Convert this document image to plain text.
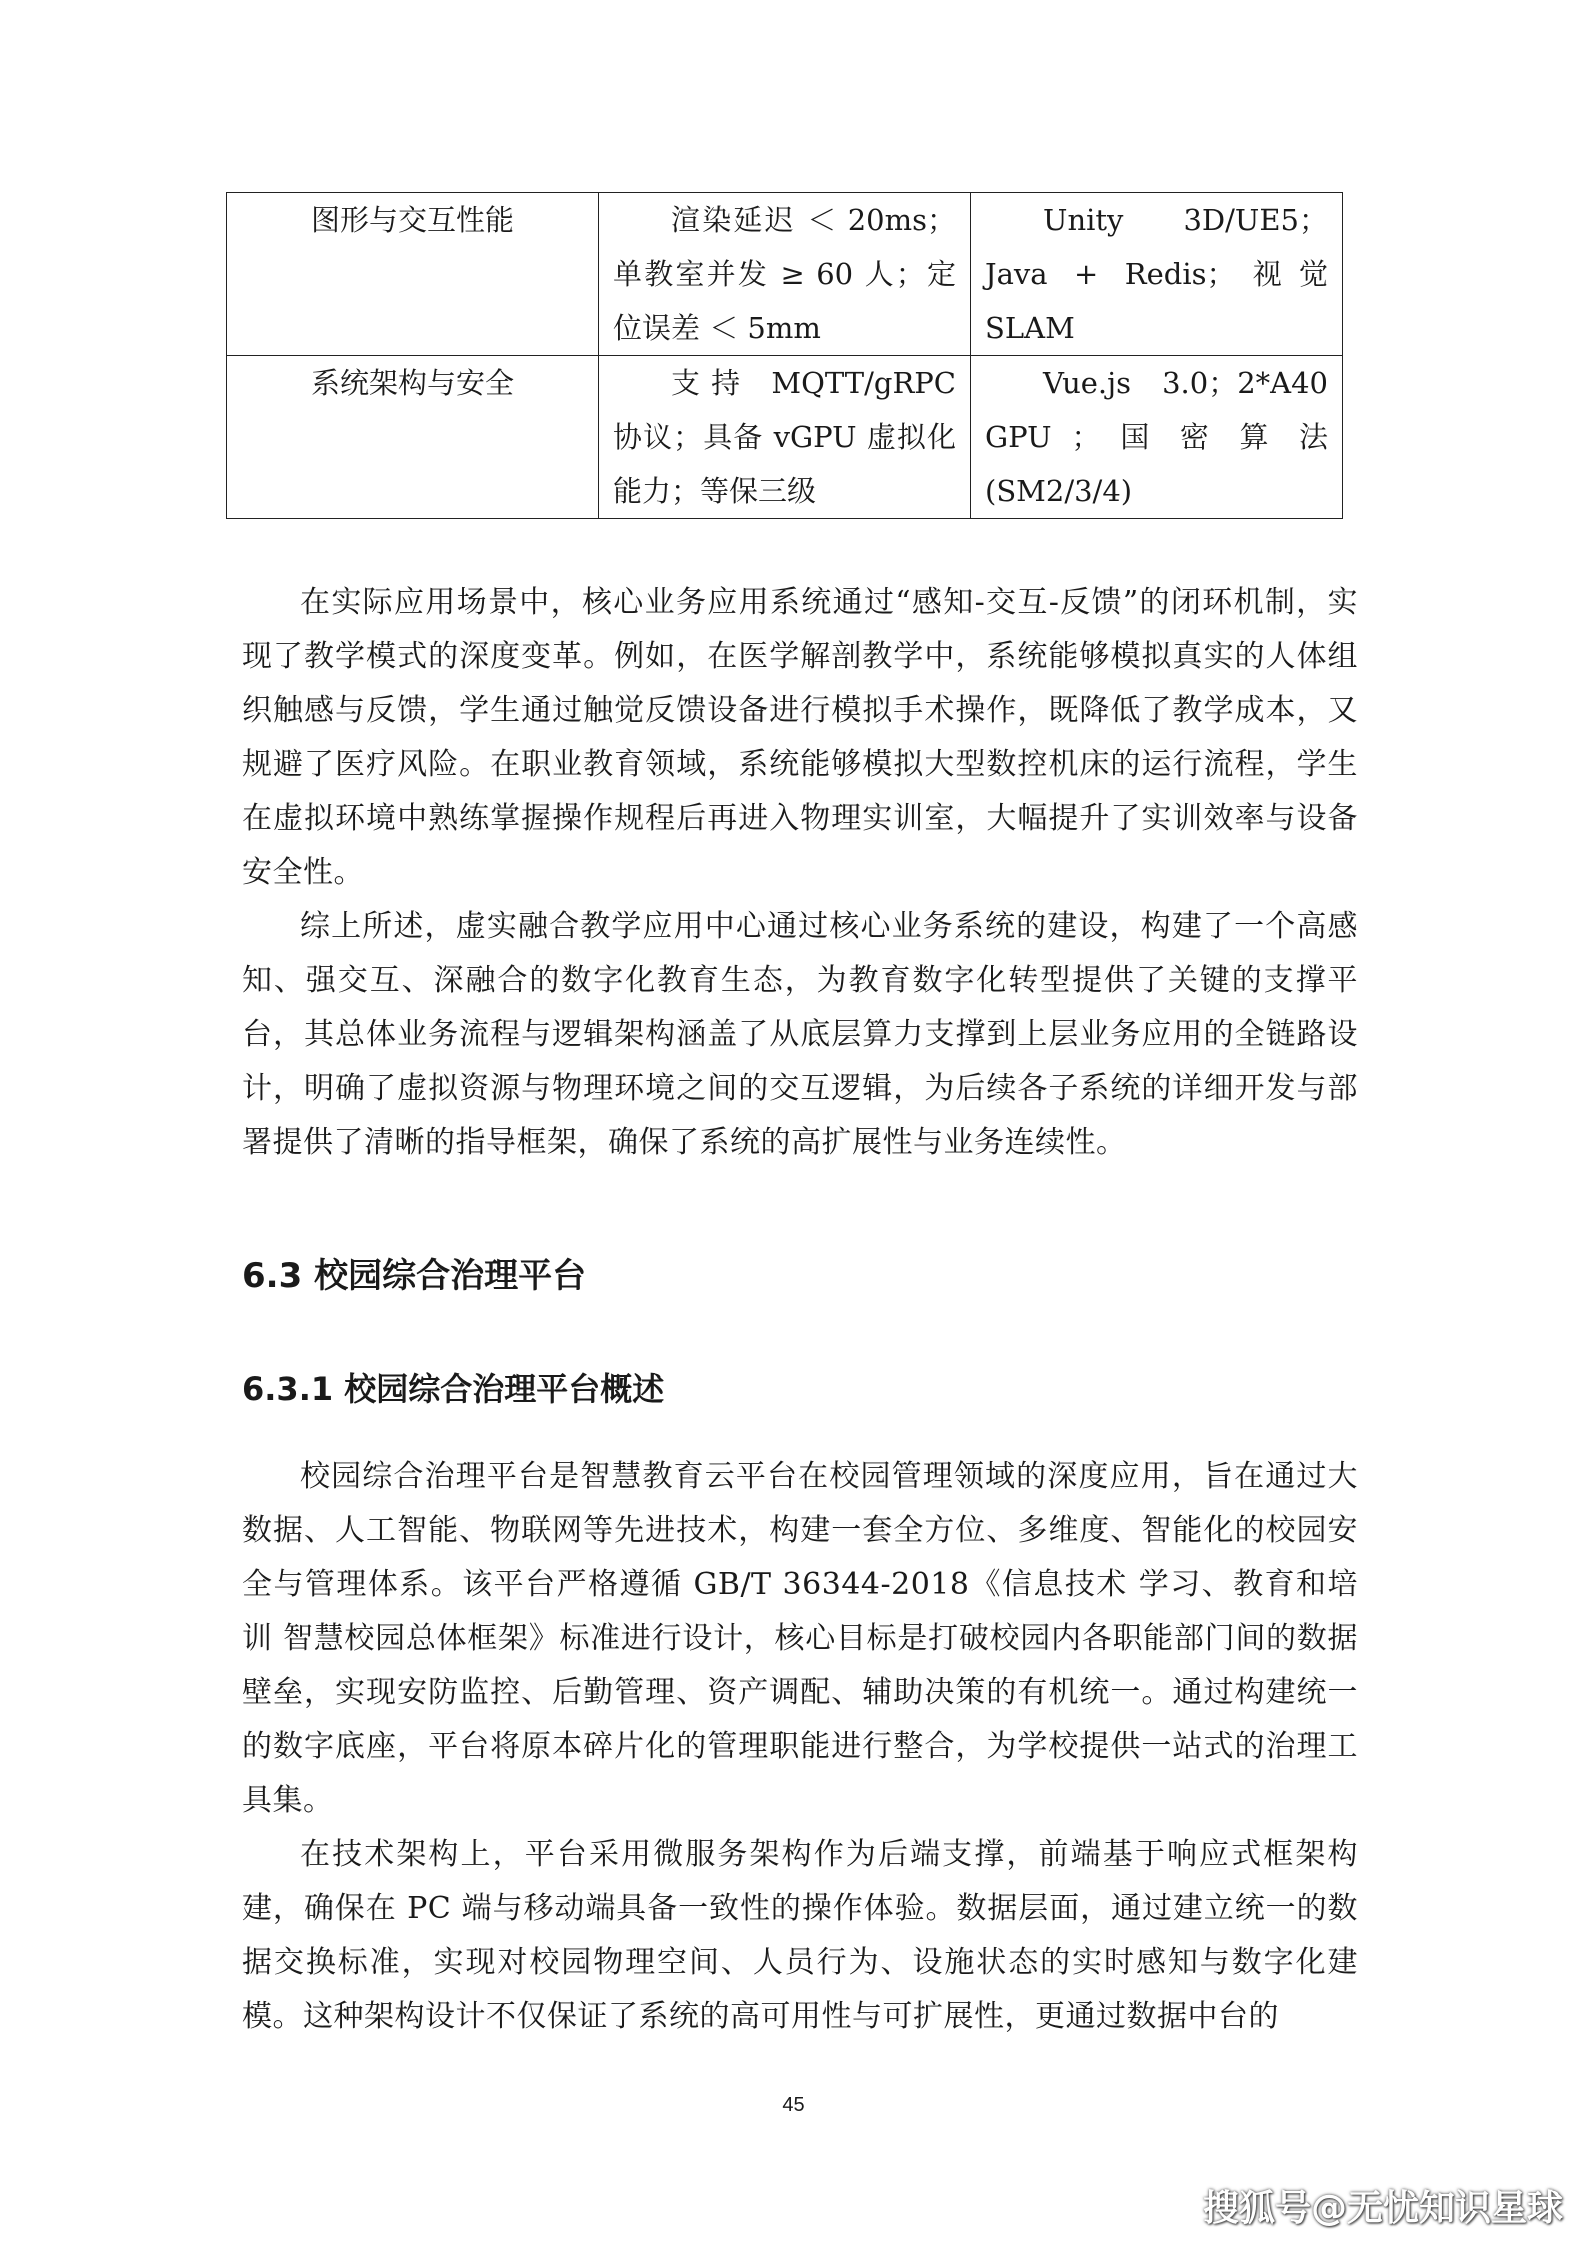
图形与交互性能	渲染延迟 ＜ 20ms；单教室并发 ≥ 60 人；定位误差 ＜ 5mm	Unity 3D/UE5；Java + Redis；视觉 SLAM
系统架构与安全	支持 MQTT/gRPC 协议；具备 vGPU 虚拟化能力；等保三级	Vue.js 3.0；2*A40 GPU ； 国 密 算 法 (SM2/3/4)

在实际应用场景中，核心业务应用系统通过“感知-交互-反馈”的闭环机制，实现了教学模式的深度变革。例如，在医学解剖教学中，系统能够模拟真实的人体组织触感与反馈，学生通过触觉反馈设备进行模拟手术操作，既降低了教学成本，又规避了医疗风险。在职业教育领域，系统能够模拟大型数控机床的运行流程，学生在虚拟环境中熟练掌握操作规程后再进入物理实训室，大幅提升了实训效率与设备安全性。

综上所述，虚实融合教学应用中心通过核心业务系统的建设，构建了一个高感知、强交互、深融合的数字化教育生态，为教育数字化转型提供了关键的支撑平台，其总体业务流程与逻辑架构涵盖了从底层算力支撑到上层业务应用的全链路设计，明确了虚拟资源与物理环境之间的交互逻辑，为后续各子系统的详细开发与部署提供了清晰的指导框架，确保了系统的高扩展性与业务连续性。

6.3 校园综合治理平台
6.3.1 校园综合治理平台概述

校园综合治理平台是智慧教育云平台在校园管理领域的深度应用，旨在通过大数据、人工智能、物联网等先进技术，构建一套全方位、多维度、智能化的校园安全与管理体系。该平台严格遵循 GB/T 36344-2018《信息技术 学习、教育和培训 智慧校园总体框架》标准进行设计，核心目标是打破校园内各职能部门间的数据壁垒，实现安防监控、后勤管理、资产调配、辅助决策的有机统一。通过构建统一的数字底座，平台将原本碎片化的管理职能进行整合，为学校提供一站式的治理工具集。

在技术架构上，平台采用微服务架构作为后端支撑，前端基于响应式框架构建，确保在 PC 端与移动端具备一致性的操作体验。数据层面，通过建立统一的数据交换标准，实现对校园物理空间、人员行为、设施状态的实时感知与数字化建模。这种架构设计不仅保证了系统的高可用性与可扩展性，更通过数据中台的

45
搜狐号@无忧知识星球
